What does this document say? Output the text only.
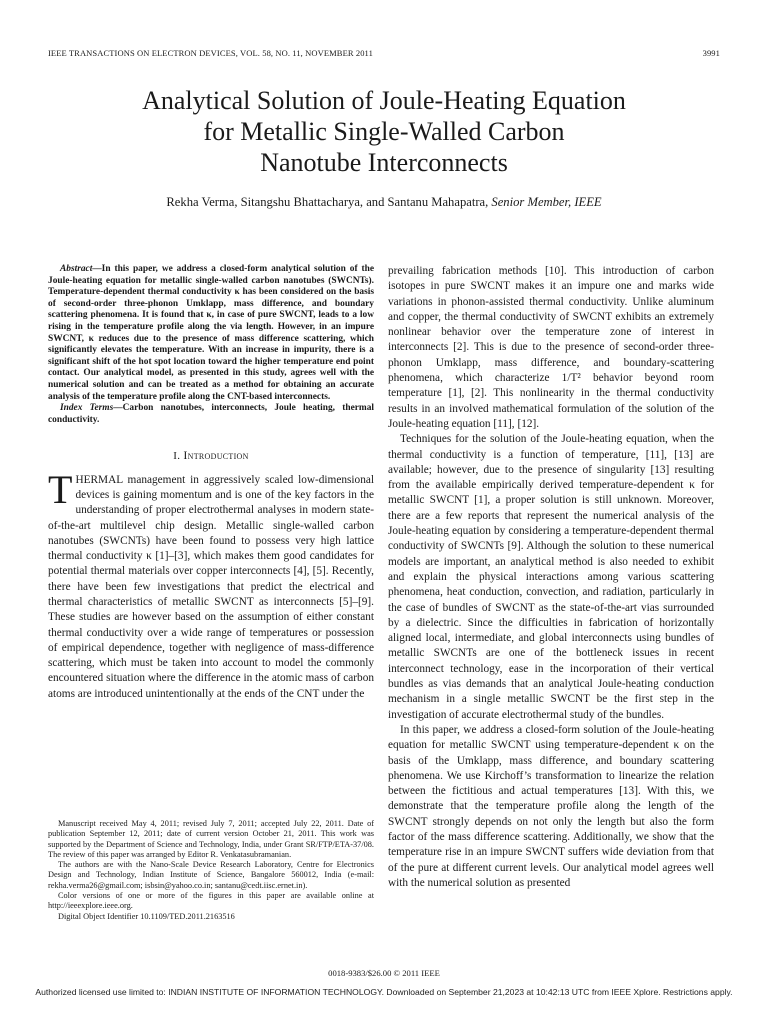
IEEE TRANSACTIONS ON ELECTRON DEVICES, VOL. 58, NO. 11, NOVEMBER 2011	3991
Analytical Solution of Joule-Heating Equation
for Metallic Single-Walled Carbon
Nanotube Interconnects
Rekha Verma, Sitangshu Bhattacharya, and Santanu Mahapatra, Senior Member, IEEE

Abstract—In this paper, we address a closed-form analytical solution of the Joule-heating equation for metallic single-walled carbon nanotubes (SWCNTs). Temperature-dependent thermal conductivity κ has been considered on the basis of second-order three-phonon Umklapp, mass difference, and boundary scattering phenomena. It is found that κ, in case of pure SWCNT, leads to a low rising in the temperature profile along the via length. However, in an impure SWCNT, κ reduces due to the presence of mass difference scattering, which significantly elevates the temperature. With an increase in impurity, there is a significant shift of the hot spot location toward the higher temperature end point contact. Our analytical model, as presented in this study, agrees well with the numerical solution and can be treated as a method for obtaining an accurate analysis of the temperature profile along the CNT-based interconnects.

Index Terms—Carbon nanotubes, interconnects, Joule heating, thermal conductivity.

I. Introduction

THERMAL management in aggressively scaled low-dimensional devices is gaining momentum and is one of the key factors in the understanding of proper electrothermal analyses in modern state-of-the-art multilevel chip design. Metallic single-walled carbon nanotubes (SWCNTs) have been found to possess very high lattice thermal conductivity κ [1]–[3], which makes them good candidates for potential thermal materials over copper interconnects [4], [5]. Recently, there have been few investigations that predict the electrical and thermal characteristics of metallic SWCNT as interconnects [5]–[9]. These studies are however based on the assumption of either constant thermal conductivity over a wide range of temperatures or possession of empirical dependence, together with negligence of mass-difference scattering, which must be taken into account to model the commonly encountered situation where the difference in the atomic mass of carbon atoms are introduced unintentionally at the ends of the CNT under the

Manuscript received May 4, 2011; revised July 7, 2011; accepted July 22, 2011. Date of publication September 12, 2011; date of current version October 21, 2011. This work was supported by the Department of Science and Technology, India, under Grant SR/FTP/ETA-37/08. The review of this paper was arranged by Editor R. Venkatasubramanian.

The authors are with the Nano-Scale Device Research Laboratory, Centre for Electronics Design and Technology, Indian Institute of Science, Bangalore 560012, India (e-mail: rekha.verma26@gmail.com; isbsin@yahoo.co.in; santanu@cedt.iisc.ernet.in).

Color versions of one or more of the figures in this paper are available online at http://ieeexplore.ieee.org.

Digital Object Identifier 10.1109/TED.2011.2163516

prevailing fabrication methods [10]. This introduction of carbon isotopes in pure SWCNT makes it an impure one and marks wide variations in phonon-assisted thermal conductivity. Unlike aluminum and copper, the thermal conductivity of SWCNT exhibits an extremely nonlinear behavior over the temperature zone of interest in interconnects [2]. This is due to the presence of second-order three-phonon Umklapp, mass difference, and boundary-scattering phenomena, which characterize 1/T² behavior beyond room temperature [1], [2]. This nonlinearity in the thermal conductivity results in an involved mathematical formulation of the solution of the Joule-heating equation [11], [12].

Techniques for the solution of the Joule-heating equation, when the thermal conductivity is a function of temperature, [11], [13] are available; however, due to the presence of singularity [13] resulting from the available empirically derived temperature-dependent κ for metallic SWCNT [1], a proper solution is still unknown. Moreover, there are a few reports that represent the numerical analysis of the Joule-heating equation by considering a temperature-dependent thermal conductivity of SWCNTs [9]. Although the solution to these numerical models are important, an analytical method is also needed to exhibit and explain the physical interactions among various scattering phenomena, heat conduction, convection, and radiation, particularly in the case of bundles of SWCNT as the state-of-the-art vias surrounded by a dielectric. Since the difficulties in fabrication of horizontally aligned local, intermediate, and global interconnects using bundles of metallic SWCNTs are one of the bottleneck issues in recent interconnect technology, ease in the incorporation of their vertical bundles as vias demands that an analytical Joule-heating conduction mechanism in a single metallic SWCNT be the first step in the investigation of accurate electrothermal study of the bundles.

In this paper, we address a closed-form solution of the Joule-heating equation for metallic SWCNT using temperature-dependent κ on the basis of the Umklapp, mass difference, and boundary scattering phenomena. We use Kirchoff’s transformation to linearize the relation between the fictitious and actual temperatures [13]. With this, we demonstrate that the temperature profile along the length of the SWCNT strongly depends on not only the length but also the form factor of the mass difference scattering. Additionally, we show that the temperature rise in an impure SWCNT suffers wide deviation from that of the pure at different current levels. Our analytical model agrees well with the numerical solution as presented

0018-9383/$26.00 © 2011 IEEE
Authorized licensed use limited to: INDIAN INSTITUTE OF INFORMATION TECHNOLOGY. Downloaded on September 21,2023 at 10:42:13 UTC from IEEE Xplore. Restrictions apply.
